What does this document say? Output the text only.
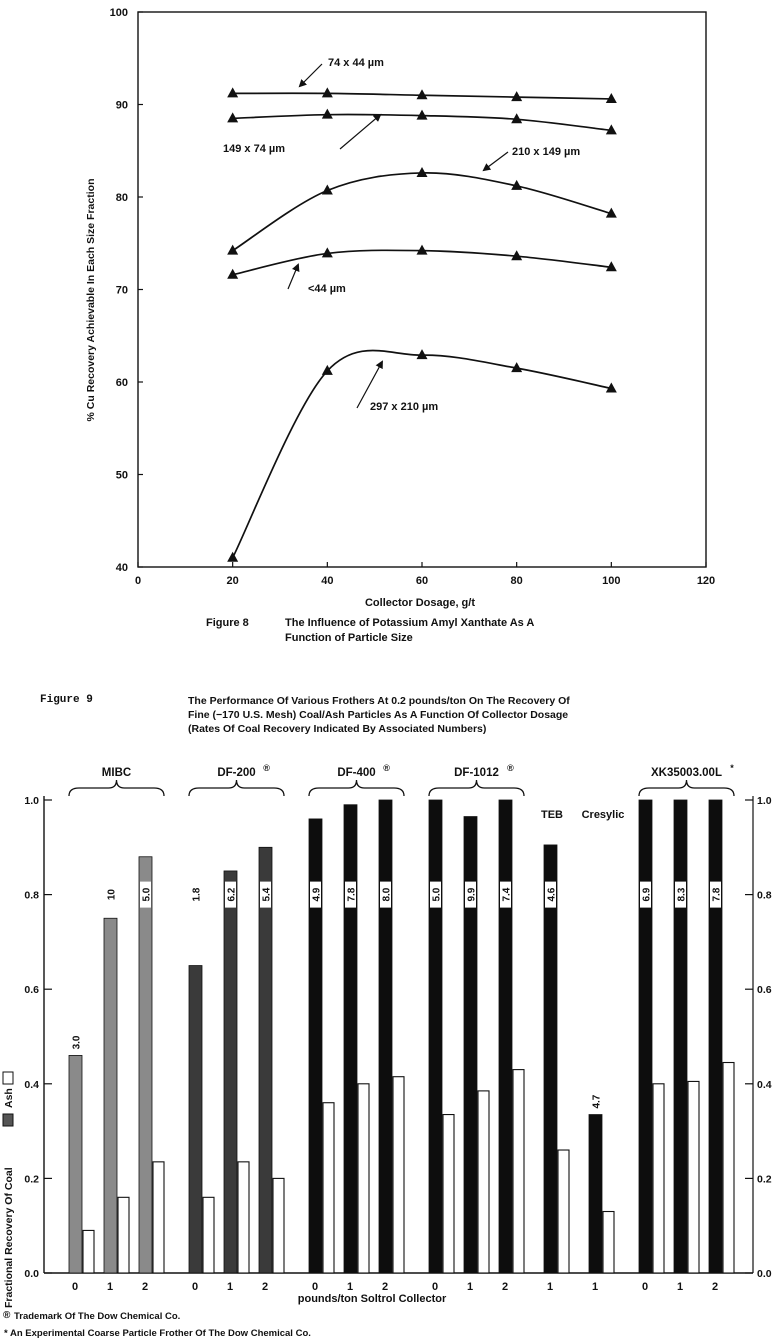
0	20	40	60	80	100	120
40
50
60
70
80
90
100
74 x 44 µm
149 x 74 µm	210 x 149 µm
<44 µm
297 x 210 µm
% Cu Recovery Achievable In Each Size Fraction
Collector Dosage, g/t
Figure 8	The Influence of Potassium Amyl Xanthate As A
Function of Particle Size
Figure 9	The Performance Of Various Frothers At 0.2 pounds/ton On The Recovery Of
Fine (−170 U.S. Mesh) Coal/Ash Particles As A Function Of Collector Dosage
(Rates Of Coal Recovery Indicated By Associated Numbers)
0.0	0.0
0.2	0.2
0.4	0.4
0.6	0.6
0.8	0.8
1.0	1.0
3.0
10 5.0	1.8 6.2 5.4	4.9 7.8 8.0	5.0 9.9 7.4	4.6
4.7
6.9 8.3 7.8
0	1	2
MIBC
0	1	2
DF-200 ®
0	1	2
DF-400 ®
0	1	2
DF-1012 ®
1
TEB
1
Cresylic
0	1	2
XK35003.00L *
Fractional Recovery Of Coal
Ash
pounds/ton Soltrol Collector
® Trademark Of The Dow Chemical Co.
* An Experimental Coarse Particle Frother Of The Dow Chemical Co.
